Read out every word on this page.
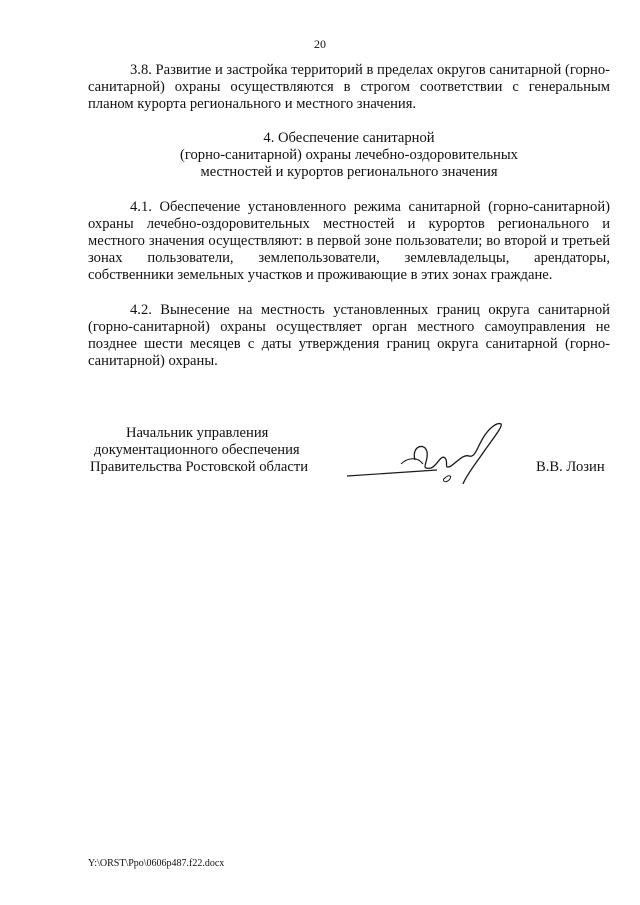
20
3.8. Развитие и застройка территорий в пределах округов санитарной (горно-санитарной) охраны осуществляются в строгом соответствии с генеральным планом курорта регионального и местного значения.
4. Обеспечение санитарной
(горно-санитарной) охраны лечебно-оздоровительных
местностей и курортов регионального значения
4.1. Обеспечение установленного режима санитарной (горно-санитарной) охраны лечебно-оздоровительных местностей и курортов регионального и местного значения осуществляют: в первой зоне пользователи; во второй и третьей зонах пользователи, землепользователи, землевладельцы, арендаторы, собственники земельных участков и проживающие в этих зонах граждане.
4.2. Вынесение на местность установленных границ округа санитарной (горно-санитарной) охраны осуществляет орган местного самоуправления не позднее шести месяцев с даты утверждения границ округа санитарной (горно-санитарной) охраны.
Начальник управления
документационного обеспечения
Правительства Ростовской области	В.В. Лозин
Y:\ORST\Ppo\0606p487.f22.docx
